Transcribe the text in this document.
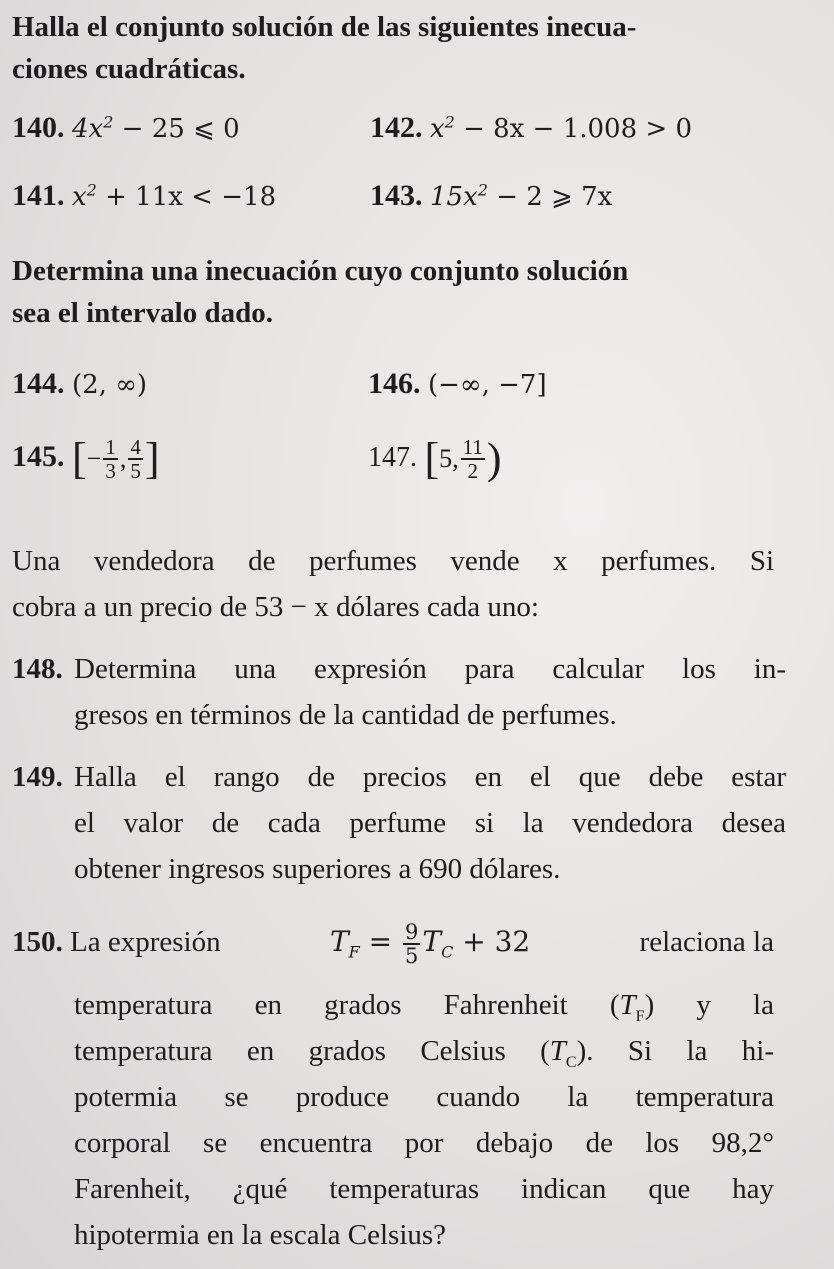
Halla el conjunto solución de las siguientes inecua-
ciones cuadráticas.
140. $4x^2 - 25$ ⩽ 0	142. $x^2 - 8x - 1.008 > 0$
141. $x^2 + 11x < -18$	143. $15x^2 - 2$ ⩾ 7x
Determina una inecuación cuyo conjunto solución
sea el intervalo dado.
144. (2, ∞)	146. (−∞, −7]
145. [− $\frac{1}{3}$ , $\frac{4}{5}$ ]	147. [5, $\frac{11}{2}$ )

Una vendedora de perfumes vende x perfumes. Si

cobra a un precio de 53 − x dólares cada uno:

148. Determina una expresión para calcular los in-

gresos en términos de la cantidad de perfumes.

149. Halla el rango de precios en el que debe estar

el valor de cada perfume si la vendedora desea

obtener ingresos superiores a 690 dólares.

150. La expresión	$T_F = \frac{9}{5} T_C + 32$	relaciona la

temperatura en grados Fahrenheit $(T_F)$ y la

temperatura en grados Celsius $(T_C)$. Si la hi-

potermia se produce cuando la temperatura

corporal se encuentra por debajo de los 98,2°

Farenheit, ¿qué temperaturas indican que hay

hipotermia en la escala Celsius?
